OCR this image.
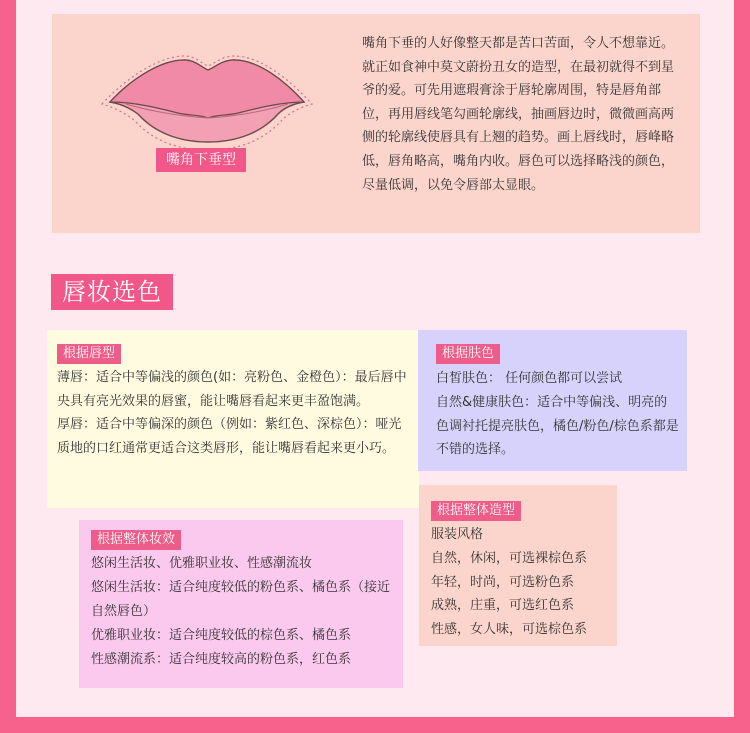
嘴角下垂型
嘴角下垂的人好像整天都是苦口苦面，令人不想靠近。就正如食神中莫文蔚扮丑女的造型，在最初就得不到星爷的爱。可先用遮瑕膏涂于唇轮廓周围，特是唇角部位，再用唇线笔勾画轮廓线，抽画唇边时，微微画高两侧的轮廓线使唇具有上翘的趋势。画上唇线时，唇峰略低，唇角略高，嘴角内收。唇色可以选择略浅的颜色，尽量低调，以免令唇部太显眼。
唇妆选色
根据唇型
薄唇：适合中等偏浅的颜色(如：亮粉色、金橙色）：最后唇中央具有亮光效果的唇蜜，能让嘴唇看起来更丰盈饱满。
厚唇：适合中等偏深的颜色（例如：紫红色、深棕色）：哑光质地的口红通常更适合这类唇形，能让嘴唇看起来更小巧。
根据肤色
白皙肤色： 任何颜色都可以尝试
自然&健康肤色：适合中等偏浅、明亮的色调衬托提亮肤色，橘色/粉色/棕色系都是不错的选择。
根据整体妆效
悠闲生活妆、优雅职业妆、性感潮流妆
悠闲生活妆：适合纯度较低的粉色系、橘色系（接近自然唇色）
优雅职业妆：适合纯度较低的棕色系、橘色系
性感潮流系：适合纯度较高的粉色系，红色系
根据整体造型
服装风格
自然，休闲，可选裸棕色系
年轻，时尚，可选粉色系
成熟，庄重，可选红色系
性感，女人味，可选棕色系
